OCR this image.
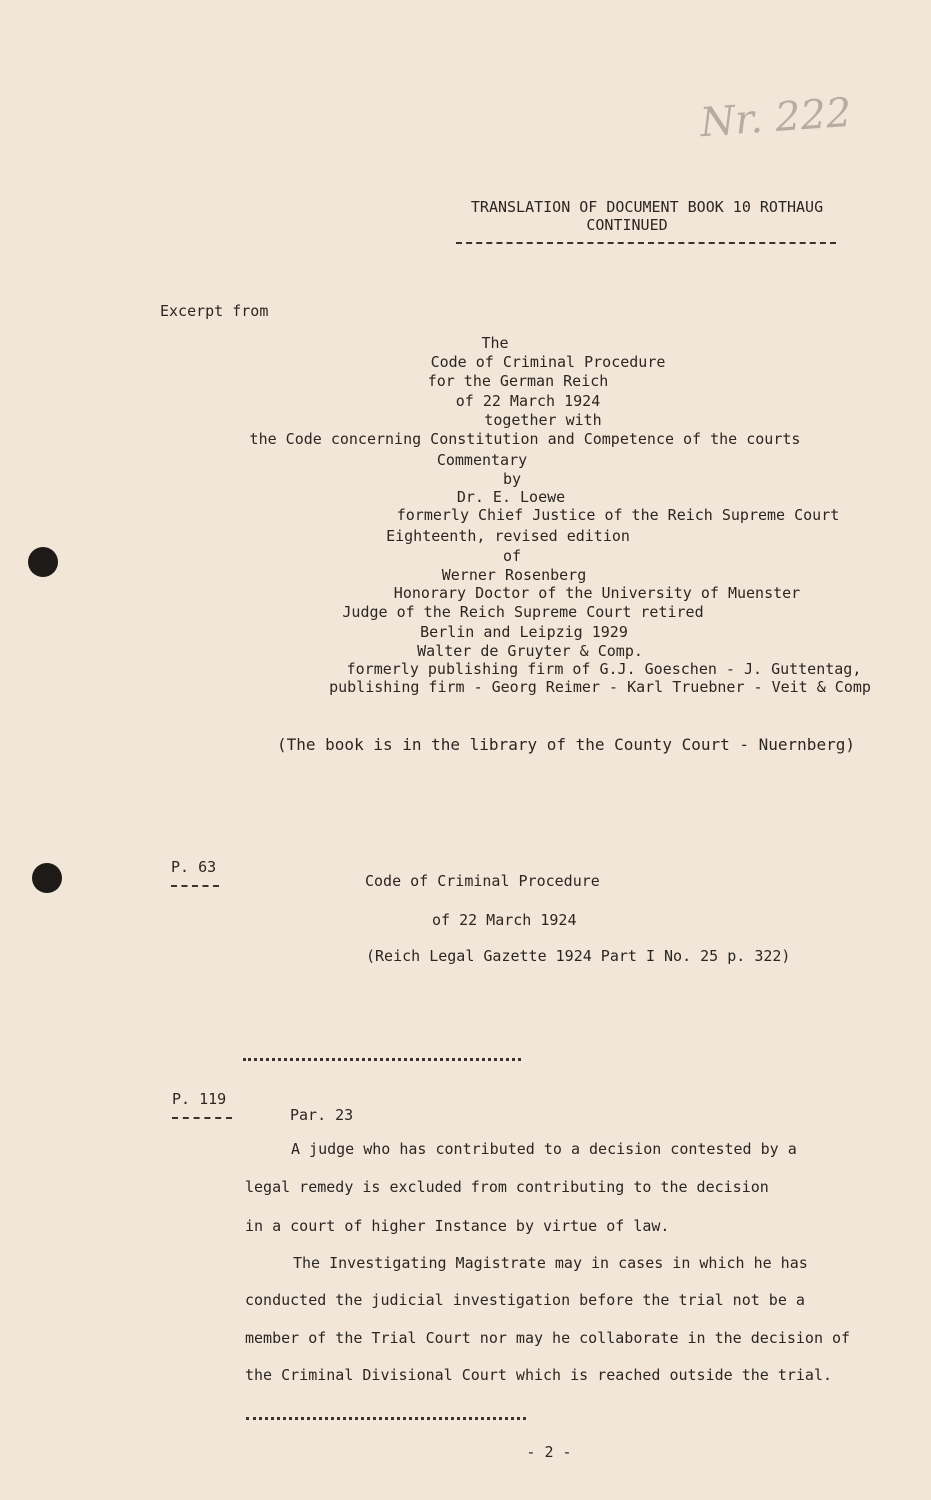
Nr. 222
TRANSLATION OF DOCUMENT BOOK 10 ROTHAUG
CONTINUED
Excerpt from
The
Code of Criminal Procedure
for the German Reich
of 22 March 1924
together with
the Code concerning Constitution and Competence of the courts
Commentary
by
Dr. E. Loewe
formerly Chief Justice of the Reich Supreme Court
Eighteenth, revised edition
of
Werner Rosenberg
Honorary Doctor of the University of Muenster
Judge of the Reich Supreme Court retired
Berlin and Leipzig 1929
Walter de Gruyter & Comp.
formerly publishing firm of G.J. Goeschen - J. Guttentag,
publishing firm - Georg Reimer - Karl Truebner - Veit & Comp
(The book is in the library of the County Court - Nuernberg)
P. 63
Code of Criminal Procedure
of 22 March 1924
(Reich Legal Gazette 1924 Part I No. 25 p. 322)
P. 119
Par. 23
A judge who has contributed to a decision contested by a
legal remedy is excluded from contributing to the decision
in a court of higher Instance by virtue of law.
The Investigating Magistrate may in cases in which he has
conducted the judicial investigation before the trial not be a
member of the Trial Court nor may he collaborate in the decision of
the Criminal Divisional Court which is reached outside the trial.
- 2 -
